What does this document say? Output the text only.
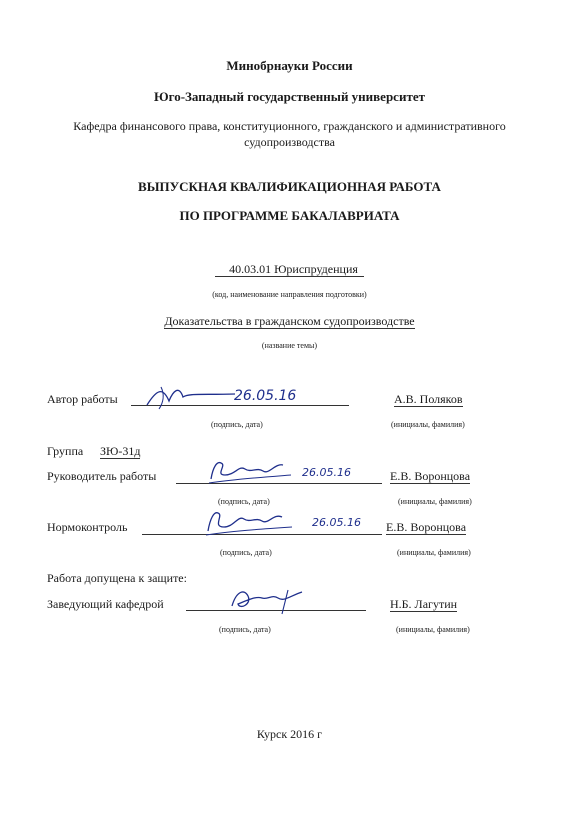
Минобрнауки России
Юго-Западный государственный университет
Кафедра финансового права, конституционного, гражданского и административного
судопроизводства
ВЫПУСКНАЯ КВАЛИФИКАЦИОННАЯ РАБОТА
ПО ПРОГРАММЕ БАКАЛАВРИАТА
40.03.01 Юриспруденция
(код, наименование направления подготовки)
Доказательства в гражданском судопроизводстве
(название темы)
Автор работы	26.05.16	А.В. Поляков
(подпись, дата)	(инициалы, фамилия)
Группа ЗЮ-31д
Руководитель работы	26.05.16	Е.В. Воронцова
(подпись, дата)	(инициалы, фамилия)
Нормоконтроль	26.05.16 Е.В. Воронцова
(подпись, дата)	(инициалы, фамилия)
Работа допущена к защите:
Заведующий кафедрой	Н.Б. Лагутин
(подпись, дата)	(инициалы, фамилия)
Курск 2016 г
